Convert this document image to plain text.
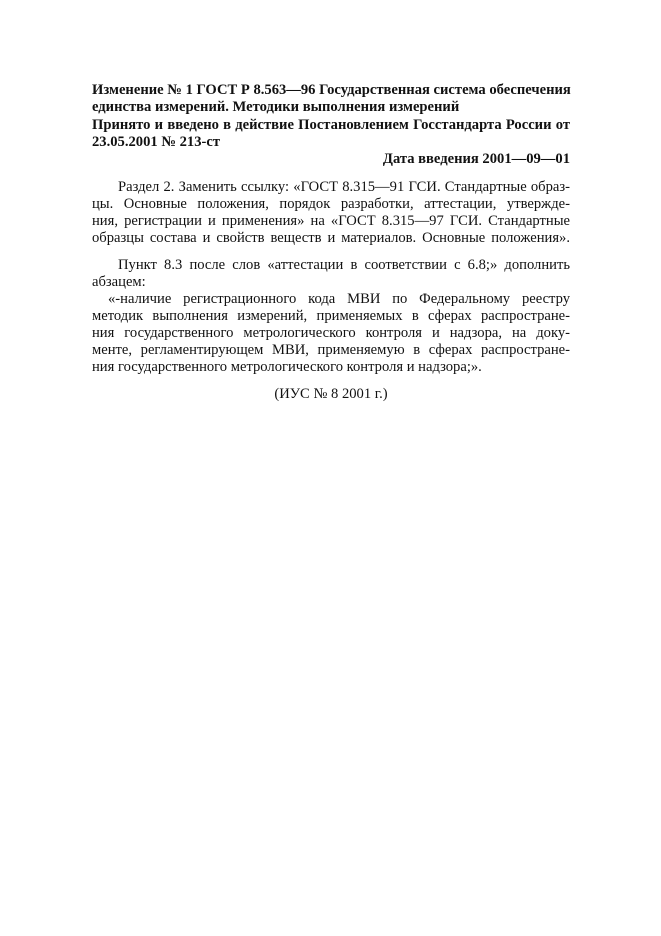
Изменение № 1 ГОСТ Р 8.563—96 Государственная система обеспечения
единства измерений. Методики выполнения измерений
Принято и введено в действие Постановлением Госстандарта России от
23.05.2001 № 213-ст
Дата введения 2001—09—01
Раздел 2. Заменить ссылку: «ГОСТ 8.315—91 ГСИ. Стандартные образ-
цы. Основные положения, порядок разработки, аттестации, утвержде-
ния, регистрации и применения» на «ГОСТ 8.315—97 ГСИ. Стандартные
образцы состава и свойств веществ и материалов. Основные положения».
Пункт 8.3 после слов «аттестации в соответствии с 6.8;» дополнить
абзацем:
«-наличие регистрационного кода МВИ по Федеральному реестру
методик выполнения измерений, применяемых в сферах распростране-
ния государственного метрологического контроля и надзора, на доку-
менте, регламентирующем МВИ, применяемую в сферах распростране-
ния государственного метрологического контроля и надзора;».
(ИУС № 8 2001 г.)
